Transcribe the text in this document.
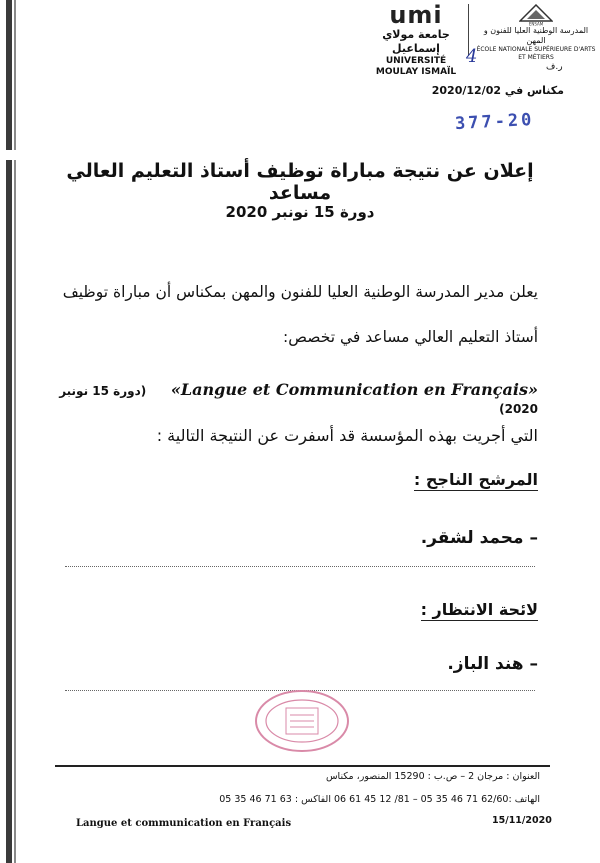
umi
جامعة مولاي إسماعيل
UNIVERSITÉ MOULAY ISMAÏL
ENSAM
المدرسة الوطنية العليا للفنون و المهن
ÉCOLE NATIONALE SUPÉRIEURE D'ARTS ET MÉTIERS
4	ر.ف
مكناس في 2020/12/02
377-20
إعلان عن نتيجة مباراة توظيف أستاذ التعليم العالي مساعد
دورة 15 نونبر 2020
يعلن مدير المدرسة الوطنية العليا للفنون والمهن بمكناس أن مباراة توظيف
أستاذ التعليم العالي مساعد في تخصص:
«Langue et Communication en Français»     (دورة 15 نونبر 2020)
التي أجريت بهذه المؤسسة قد أسفرت عن النتيجة التالية :
المرشح الناجح :
– محمد لشقر.
لائحة الانتظار :
– هند الباز.
العنوان : مرجان 2 – ص.ب : 15290 المنصور، مكناس
الهاتف :62/60 71 46 35 05 – 81/ 12 45 61 06 الفاكس : 63 71 46 35 05
Langue et communication en Français	15/11/2020
